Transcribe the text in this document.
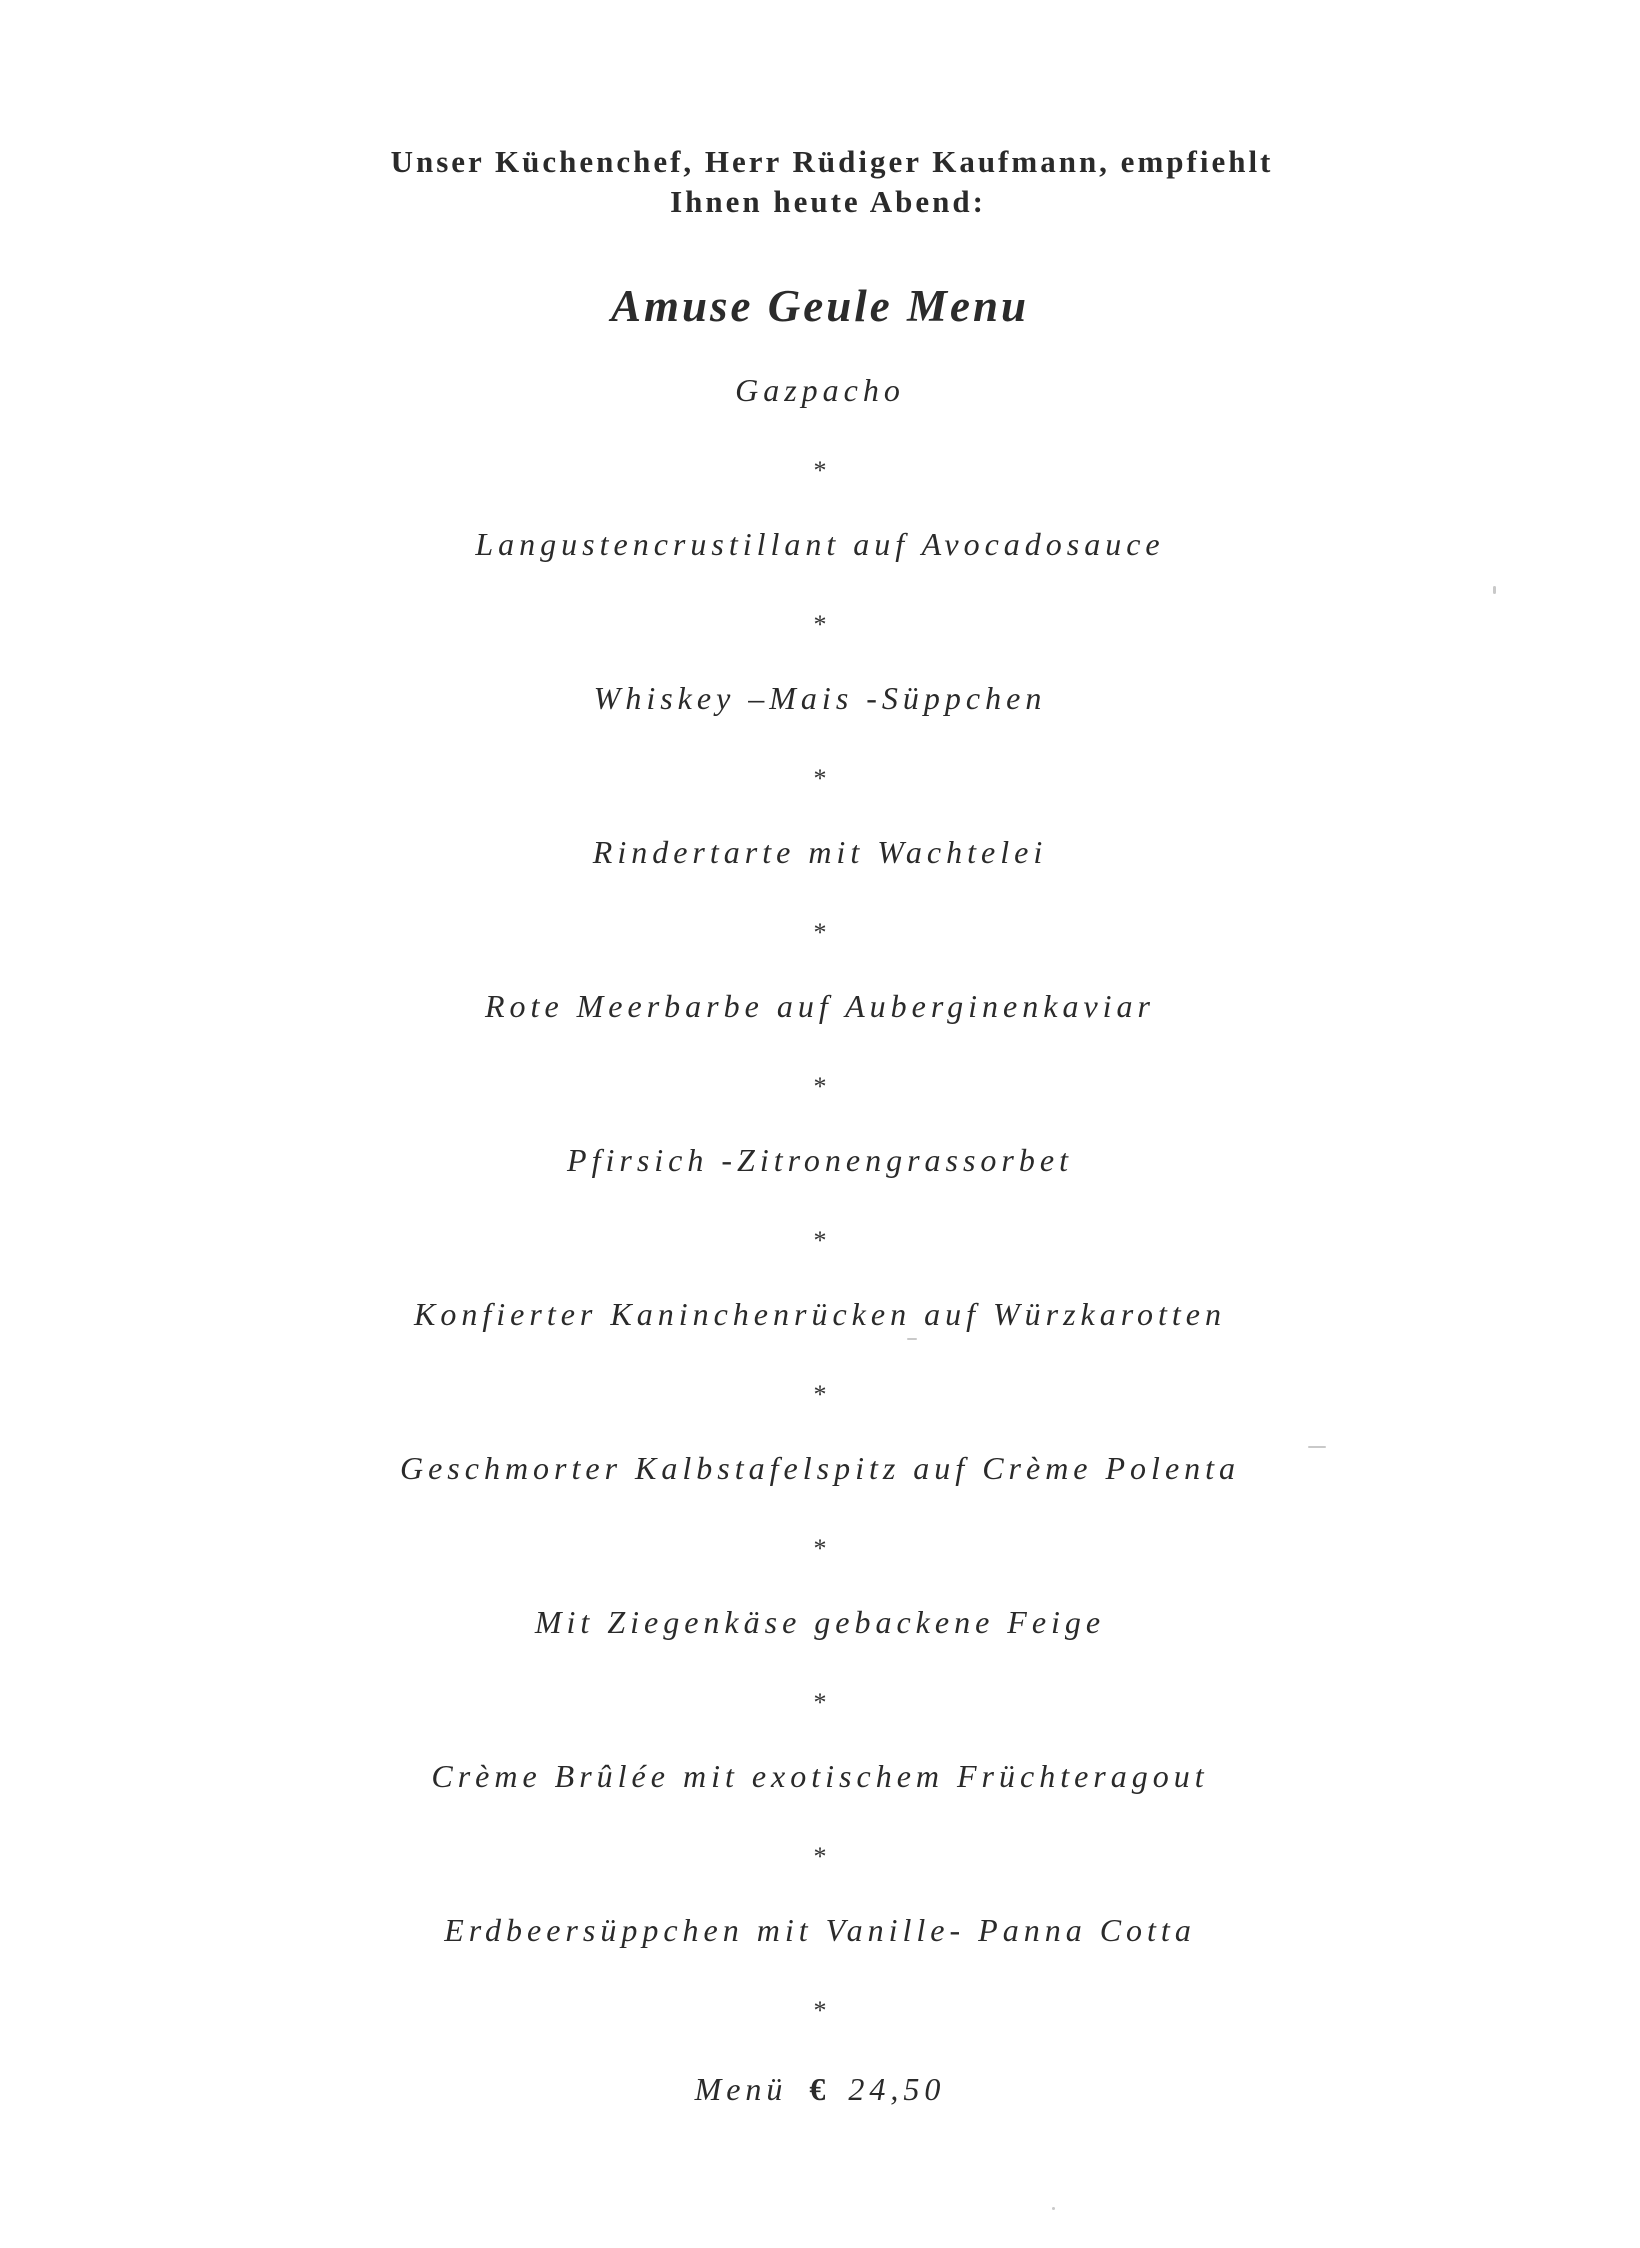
Unser Küchenchef, Herr Rüdiger Kaufmann, empfiehlt
Ihnen heute Abend:
Amuse Geule Menu
Gazpacho
*
Langustencrustillant auf Avocadosauce
*
Whiskey –Mais -Süppchen
*
Rindertarte mit Wachtelei
*
Rote Meerbarbe auf Auberginenkaviar
*
Pfirsich -Zitronengrassorbet
*
Konfierter Kaninchenrücken auf Würzkarotten
*
Geschmorter Kalbstafelspitz auf Crème Polenta
*
Mit Ziegenkäse gebackene Feige
*
Crème Brûlée mit exotischem Früchteragout
*
Erdbeersüppchen mit Vanille- Panna Cotta
*
Menü € 24,50
